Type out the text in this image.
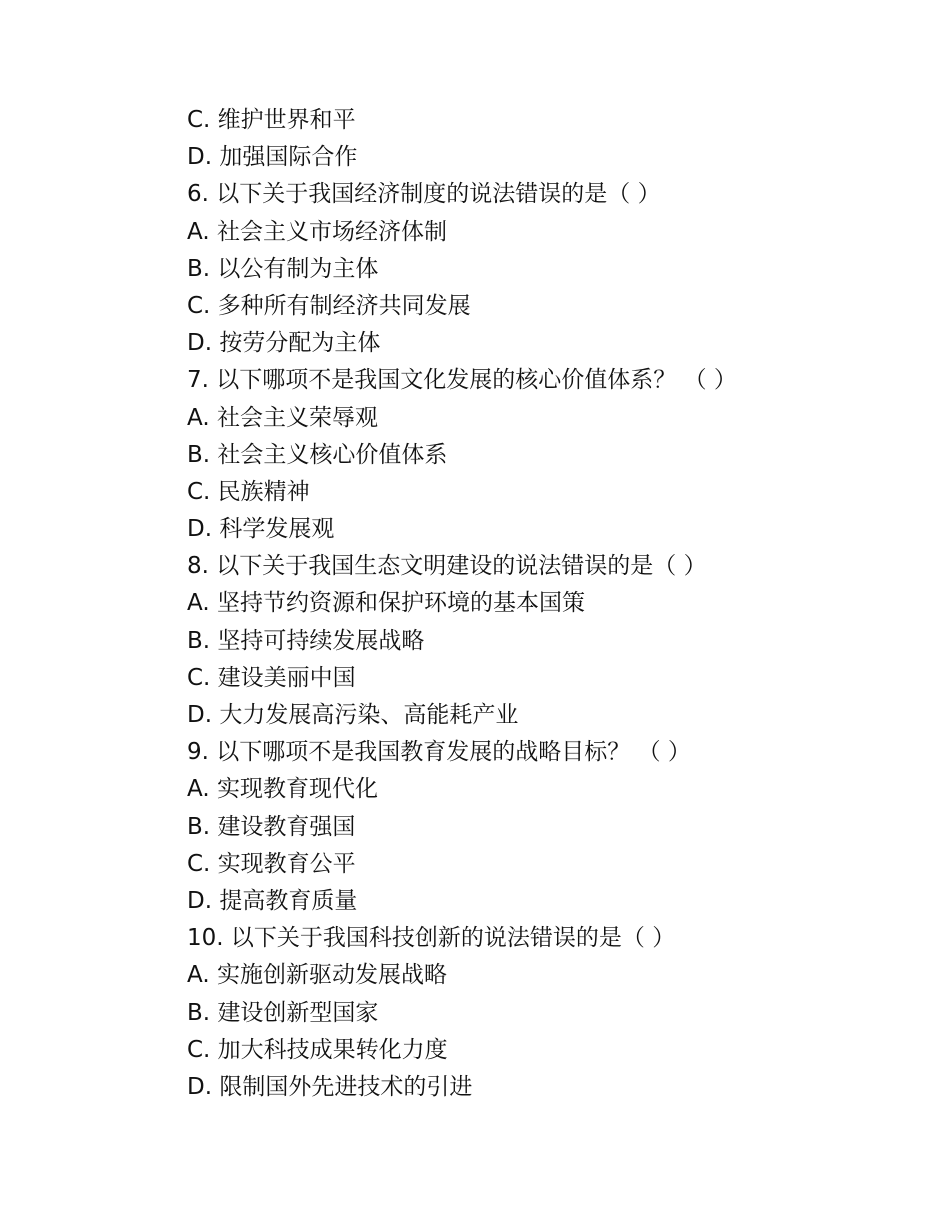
C. 维护世界和平
D. 加强国际合作
6. 以下关于我国经济制度的说法错误的是（ ）
A. 社会主义市场经济体制
B. 以公有制为主体
C. 多种所有制经济共同发展
D. 按劳分配为主体
7. 以下哪项不是我国文化发展的核心价值体系？ （ ）
A. 社会主义荣辱观
B. 社会主义核心价值体系
C. 民族精神
D. 科学发展观
8. 以下关于我国生态文明建设的说法错误的是（ ）
A. 坚持节约资源和保护环境的基本国策
B. 坚持可持续发展战略
C. 建设美丽中国
D. 大力发展高污染、高能耗产业
9. 以下哪项不是我国教育发展的战略目标？ （ ）
A. 实现教育现代化
B. 建设教育强国
C. 实现教育公平
D. 提高教育质量
10. 以下关于我国科技创新的说法错误的是（ ）
A. 实施创新驱动发展战略
B. 建设创新型国家
C. 加大科技成果转化力度
D. 限制国外先进技术的引进
